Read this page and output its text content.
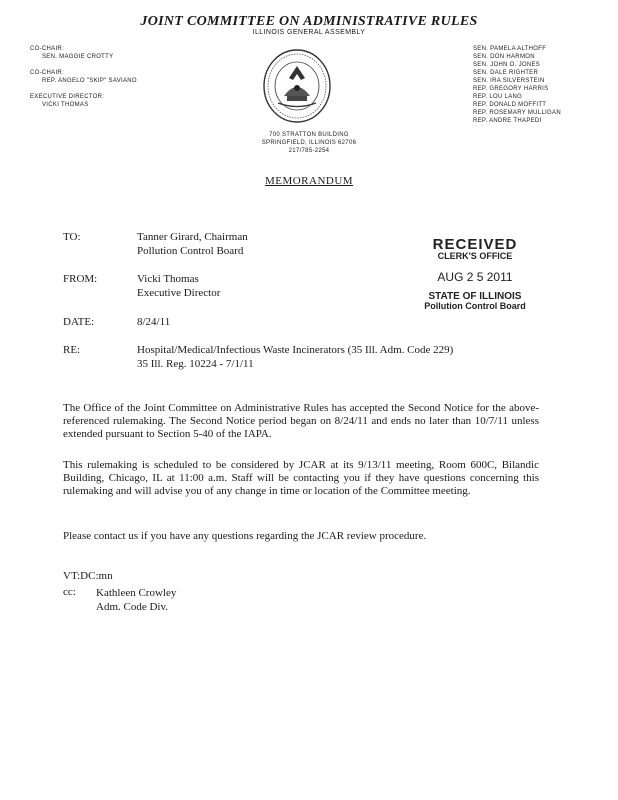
JOINT COMMITTEE ON ADMINISTRATIVE RULES
ILLINOIS GENERAL ASSEMBLY
CO-CHAIR:
SEN. MAGGIE CROTTY
CO-CHAIR:
REP. ANGELO "SKIP" SAVIANO
EXECUTIVE DIRECTOR:
VICKI THOMAS
SEN. PAMELA ALTHOFF
SEN. DON HARMON
SEN. JOHN O. JONES
SEN. DALE RIGHTER
SEN. IRA SILVERSTEIN
REP. GREGORY HARRIS
REP. LOU LANG
REP. DONALD MOFFITT
REP. ROSEMARY MULLIGAN
REP. ANDRE THAPEDI
700 STRATTON BUILDING
SPRINGFIELD, ILLINOIS 62706
217/785-2254
MEMORANDUM
TO:	Tanner Girard, Chairman
Pollution Control Board
FROM:	Vicki Thomas
Executive Director
DATE:	8/24/11
RE:	Hospital/Medical/Infectious Waste Incinerators (35 Ill. Adm. Code 229)
35 Ill. Reg. 10224 - 7/1/11
RECEIVED
CLERK'S OFFICE
AUG 2 5 2011
STATE OF ILLINOIS
Pollution Control Board
The Office of the Joint Committee on Administrative Rules has accepted the Second Notice for the above-referenced rulemaking. The Second Notice period began on 8/24/11 and ends no later than 10/7/11 unless extended pursuant to Section 5-40 of the IAPA.
This rulemaking is scheduled to be considered by JCAR at its 9/13/11 meeting, Room 600C, Bilandic Building, Chicago, IL at 11:00 a.m. Staff will be contacting you if they have questions concerning this rulemaking and will advise you of any change in time or location of the Committee meeting.
Please contact us if you have any questions regarding the JCAR review procedure.
VT:DC:mn
cc: Kathleen Crowley
Adm. Code Div.
